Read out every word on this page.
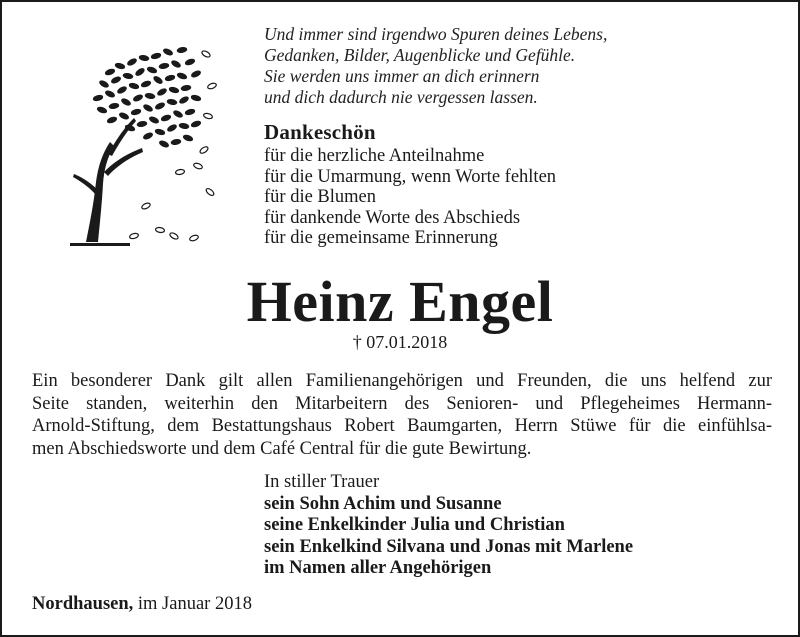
Und immer sind irgendwo Spuren deines Lebens,
Gedanken, Bilder, Augenblicke und Gefühle.
Sie werden uns immer an dich erinnern
und dich dadurch nie vergessen lassen.
Dankeschön
für die herzliche Anteilnahme
für die Umarmung, wenn Worte fehlten
für die Blumen
für dankende Worte des Abschieds
für die gemeinsame Erinnerung
Heinz Engel
† 07.01.2018
Ein besonderer Dank gilt allen Familienangehörigen und Freunden, die uns helfend zur
Seite standen, weiterhin den Mitarbeitern des Senioren- und Pflegeheimes Hermann-
Arnold-Stiftung, dem Bestattungshaus Robert Baumgarten, Herrn Stüwe für die einfühlsa-
men Abschiedsworte und dem Café Central für die gute Bewirtung.
In stiller Trauer
sein Sohn Achim und Susanne
seine Enkelkinder Julia und Christian
sein Enkelkind Silvana und Jonas mit Marlene
im Namen aller Angehörigen
Nordhausen, im Januar 2018
